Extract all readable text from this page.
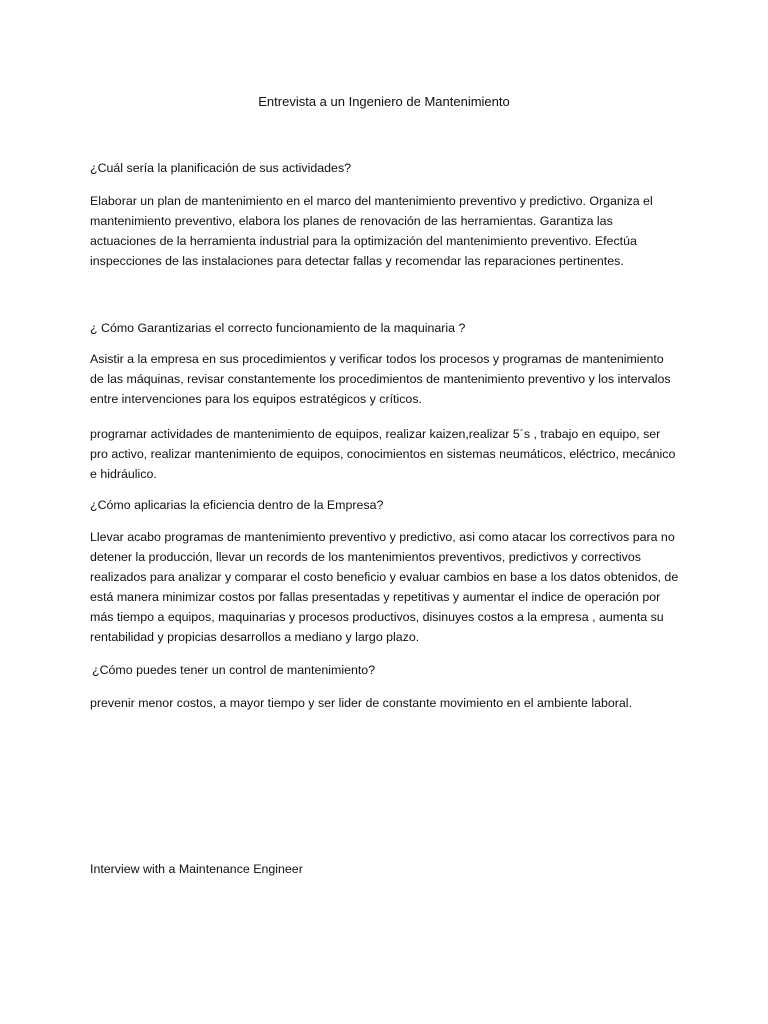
Entrevista a un Ingeniero de Mantenimiento

¿Cuál sería la planificación de sus actividades?

Elaborar un plan de mantenimiento en el marco del mantenimiento preventivo y predictivo. Organiza el mantenimiento preventivo, elabora los planes de renovación de las herramientas. Garantiza las actuaciones de la herramienta industrial para la optimización del mantenimiento preventivo. Efectúa inspecciones de las instalaciones para detectar fallas y recomendar las reparaciones pertinentes.

¿ Cómo Garantizarias el correcto funcionamiento de la maquinaria ?

Asistir a la empresa en sus procedimientos y verificar todos los procesos y programas de mantenimiento de las máquinas, revisar constantemente los procedimientos de mantenimiento preventivo y los intervalos entre intervenciones para los equipos estratégicos y críticos.

programar actividades de mantenimiento de equipos, realizar kaizen,realizar 5´s , trabajo en equipo, ser pro activo, realizar mantenimiento de equipos, conocimientos en sistemas neumáticos, eléctrico, mecánico e hidráulico.

¿Cómo aplicarias la eficiencia dentro de la Empresa?

Llevar acabo programas de mantenimiento preventivo y predictivo, asi como atacar los correctivos para no detener la producción, llevar un records de los mantenimientos preventivos, predictivos y correctivos realizados para analizar y comparar el costo beneficio y evaluar cambios en base a los datos obtenidos, de está manera minimizar costos por fallas presentadas y repetitivas y aumentar el indice de operación por más tiempo a equipos, maquinarias y procesos productivos, disinuyes costos a la empresa , aumenta su rentabilidad y propicias desarrollos a mediano y largo plazo.

¿Cómo puedes tener un control de mantenimiento?

prevenir menor costos, a mayor tiempo y ser lider de constante movimiento en el ambiente laboral.

Interview with a Maintenance Engineer
